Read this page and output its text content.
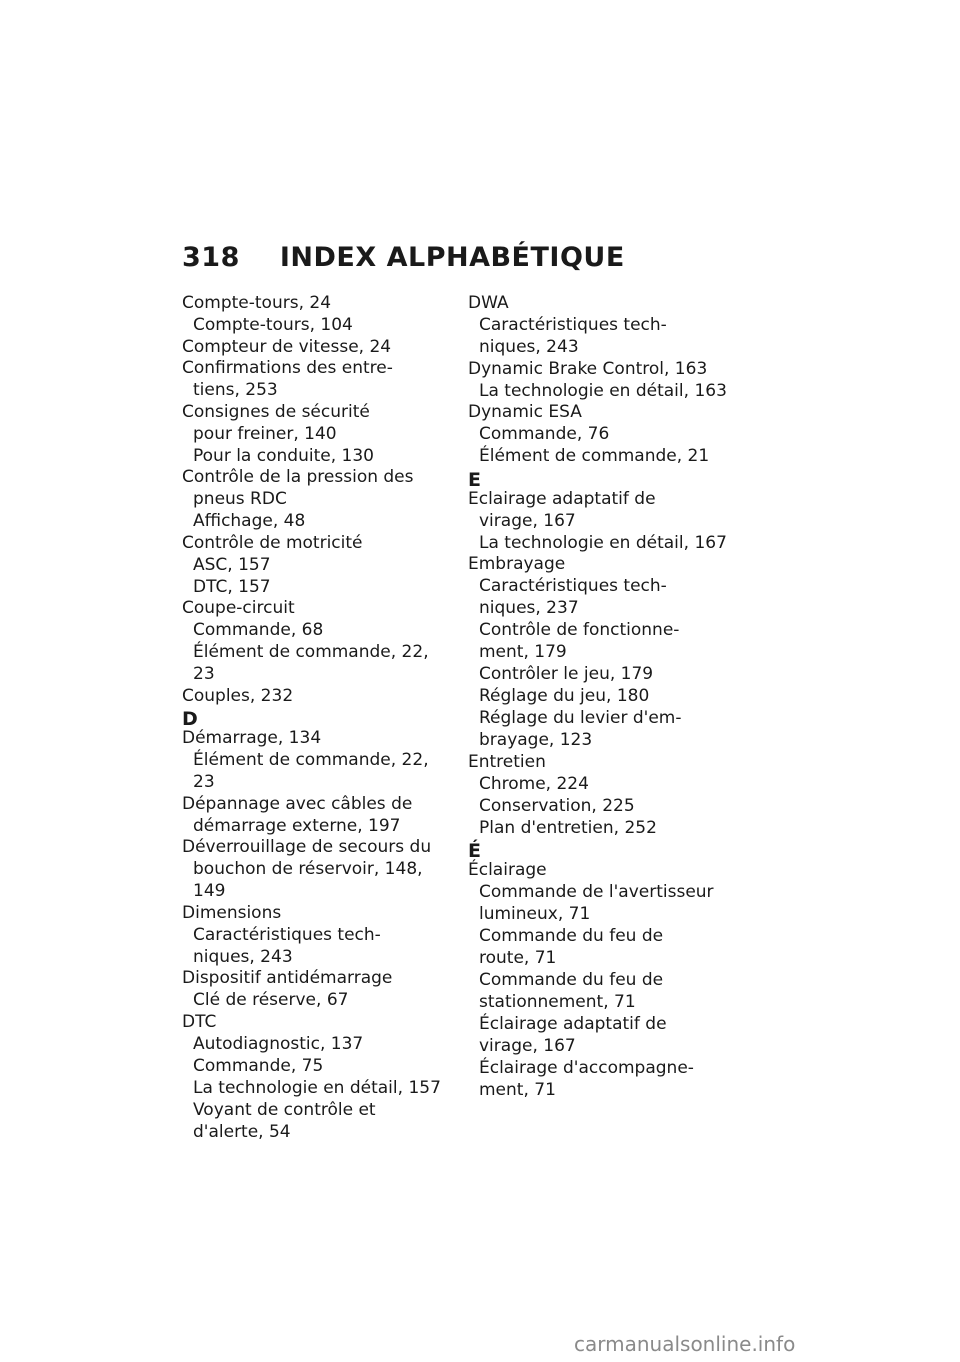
318 INDEX ALPHABÉTIQUE
Compte-tours, 24
Compte-tours, 104
Compteur de vitesse, 24
Confirmations des entre-
tiens, 253
Consignes de sécurité
pour freiner, 140
Pour la conduite, 130
Contrôle de la pression des
pneus RDC
Affichage, 48
Contrôle de motricité
ASC, 157
DTC, 157
Coupe-circuit
Commande, 68
Élément de commande, 22,
23
Couples, 232
D
Démarrage, 134
Élément de commande, 22,
23
Dépannage avec câbles de
démarrage externe, 197
Déverrouillage de secours du
bouchon de réservoir, 148,
149
Dimensions
Caractéristiques tech-
niques, 243
Dispositif antidémarrage
Clé de réserve, 67
DTC
Autodiagnostic, 137
Commande, 75
La technologie en détail, 157
Voyant de contrôle et
d'alerte, 54
DWA
Caractéristiques tech-
niques, 243
Dynamic Brake Control, 163
La technologie en détail, 163
Dynamic ESA
Commande, 76
Élément de commande, 21
E
Eclairage adaptatif de
virage, 167
La technologie en détail, 167
Embrayage
Caractéristiques tech-
niques, 237
Contrôle de fonctionne-
ment, 179
Contrôler le jeu, 179
Réglage du jeu, 180
Réglage du levier d'em-
brayage, 123
Entretien
Chrome, 224
Conservation, 225
Plan d'entretien, 252
É
Éclairage
Commande de l'avertisseur
lumineux, 71
Commande du feu de
route, 71
Commande du feu de
stationnement, 71
Éclairage adaptatif de
virage, 167
Éclairage d'accompagne-
ment, 71
carmanualsonline.info
